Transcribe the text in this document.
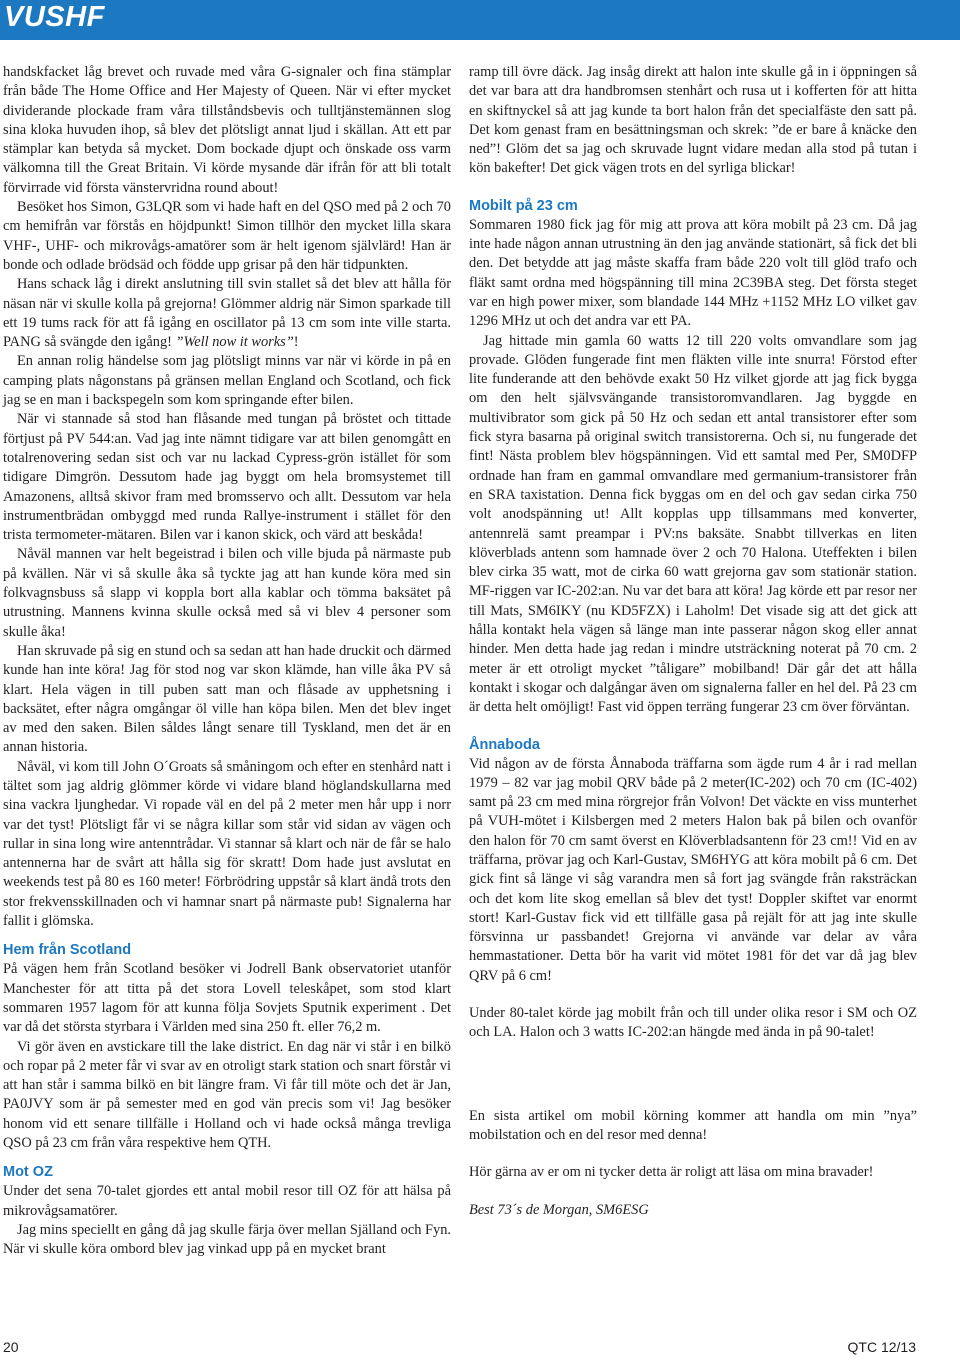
VUSHF

handskfacket låg brevet och ruvade med våra G-signaler och fina stämplar från både The Home Office and Her Majesty of Queen. När vi efter mycket dividerande plockade fram våra tillståndsbevis och tulltjänstemännen slog sina kloka huvuden ihop, så blev det plötsligt annat ljud i skällan. Att ett par stämplar kan betyda så mycket. Dom bockade djupt och önskade oss varm välkomna till the Great Britain. Vi körde mysande där ifrån för att bli totalt förvirrade vid första vänstervridna round about!

Besöket hos Simon, G3LQR som vi hade haft en del QSO med på 2 och 70 cm hemifrån var förstås en höjdpunkt! Simon tillhör den mycket lilla skara VHF-, UHF- och mikrovågs-amatörer som är helt igenom självlärd! Han är bonde och odlade brödsäd och födde upp grisar på den här tidpunkten.

Hans schack låg i direkt anslutning till svin stallet så det blev att hålla för näsan när vi skulle kolla på grejorna! Glömmer aldrig när Simon sparkade till ett 19 tums rack för att få igång en oscillator på 13 cm som inte ville starta. PANG så svängde den igång! ”Well now it works”!

En annan rolig händelse som jag plötsligt minns var när vi körde in på en camping plats någonstans på gränsen mellan England och Scotland, och fick jag se en man i backspegeln som kom springande efter bilen.

När vi stannade så stod han flåsande med tungan på bröstet och tittade förtjust på PV 544:an. Vad jag inte nämnt tidigare var att bilen genomgått en totalrenovering sedan sist och var nu lackad Cypress-grön istället för som tidigare Dimgrön. Dessutom hade jag byggt om hela bromsystemet till Amazonens, alltså skivor fram med bromsservo och allt. Dessutom var hela instrumentbrädan ombyggd med runda Rallye-instrument i stället för den trista termometer-mätaren. Bilen var i kanon skick, och värd att beskåda!

Nåväl mannen var helt begeistrad i bilen och ville bjuda på närmaste pub på kvällen. När vi så skulle åka så tyckte jag att han kunde köra med sin folkvagnsbuss så slapp vi koppla bort alla kablar och tömma baksätet på utrustning. Mannens kvinna skulle också med så vi blev 4 personer som skulle åka!

Han skruvade på sig en stund och sa sedan att han hade druckit och därmed kunde han inte köra! Jag för stod nog var skon klämde, han ville åka PV så klart. Hela vägen in till puben satt man och flåsade av upphetsning i backsätet, efter några omgångar öl ville han köpa bilen. Men det blev inget av med den saken. Bilen såldes långt senare till Tyskland, men det är en annan historia.

Nåväl, vi kom till John O´Groats så småningom och efter en stenhård natt i tältet som jag aldrig glömmer körde vi vidare bland höglandskullarna med sina vackra ljunghedar. Vi ropade väl en del på 2 meter men hår upp i norr var det tyst! Plötsligt får vi se några killar som står vid sidan av vägen och rullar in sina long wire antenntrådar. Vi stannar så klart och när de får se halo antennerna har de svårt att hålla sig för skratt! Dom hade just avslutat en weekends test på 80 es 160 meter! Förbrödring uppstår så klart ändå trots den stor frekvensskillnaden och vi hamnar snart på närmaste pub! Signalerna har fallit i glömska.

Hem från Scotland

På vägen hem från Scotland besöker vi Jodrell Bank observatoriet utanför Manchester för att titta på det stora Lovell teleskåpet, som stod klart sommaren 1957 lagom för att kunna följa Sovjets Sputnik experiment . Det var då det största styrbara i Världen med sina 250 ft. eller 76,2 m.

Vi gör även en avstickare till the lake district. En dag när vi står i en bilkö och ropar på 2 meter får vi svar av en otroligt stark station och snart förstår vi att han står i samma bilkö en bit längre fram. Vi får till möte och det är Jan, PA0JVY som är på semester med en god vän precis som vi! Jag besöker honom vid ett senare tillfälle i Holland och vi hade också många trevliga QSO på 23 cm från våra respektive hem QTH.

Mot OZ

Under det sena 70-talet gjordes ett antal mobil resor till OZ för att hälsa på mikrovågsamatörer.

Jag mins speciellt en gång då jag skulle färja över mellan Själland och Fyn. När vi skulle köra ombord blev jag vinkad upp på en mycket brant

ramp till övre däck. Jag insåg direkt att halon inte skulle gå in i öppningen så det var bara att dra handbromsen stenhårt och rusa ut i kofferten för att hitta en skiftnyckel så att jag kunde ta bort halon från det specialfäste den satt på. Det kom genast fram en besättningsman och skrek: ”de er bare å knäcke den ned”! Glöm det sa jag och skruvade lugnt vidare medan alla stod på tutan i kön bakefter! Det gick vägen trots en del syrliga blickar!

Mobilt på 23 cm

Sommaren 1980 fick jag för mig att prova att köra mobilt på 23 cm. Då jag inte hade någon annan utrustning än den jag använde stationärt, så fick det bli den. Det betydde att jag måste skaffa fram både 220 volt till glöd trafo och fläkt samt ordna med högspänning till mina 2C39BA steg. Det första steget var en high power mixer, som blandade 144 MHz +1152 MHz LO vilket gav 1296 MHz ut och det andra var ett PA.

Jag hittade min gamla 60 watts 12 till 220 volts omvandlare som jag provade. Glöden fungerade fint men fläkten ville inte snurra! Förstod efter lite funderande att den behövde exakt 50 Hz vilket gjorde att jag fick bygga om den helt självsvängande transistoromvandlaren. Jag byggde en multivibrator som gick på 50 Hz och sedan ett antal transistorer efter som fick styra basarna på original switch transistorerna. Och si, nu fungerade det fint! Nästa problem blev högspänningen. Vid ett samtal med Per, SM0DFP ordnade han fram en gammal omvandlare med germanium-transistorer från en SRA taxistation. Denna fick byggas om en del och gav sedan cirka 750 volt anodspänning ut! Allt kopplas upp tillsammans med konverter, antennrelä samt preampar i PV:ns baksäte. Snabbt tillverkas en liten klöverblads antenn som hamnade över 2 och 70 Halona. Uteffekten i bilen blev cirka 35 watt, mot de cirka 60 watt grejorna gav som stationär station. MF-riggen var IC-202:an. Nu var det bara att köra! Jag körde ett par resor ner till Mats, SM6IKY (nu KD5FZX) i Laholm! Det visade sig att det gick att hålla kontakt hela vägen så länge man inte passerar någon skog eller annat hinder. Men detta hade jag redan i mindre utsträckning noterat på 70 cm. 2 meter är ett otroligt mycket ”tåligare” mobilband! Där går det att hålla kontakt i skogar och dalgångar även om signalerna faller en hel del. På 23 cm är detta helt omöjligt! Fast vid öppen terräng fungerar 23 cm över förväntan.

Ånnaboda

Vid någon av de första Ånnaboda träffarna som ägde rum 4 år i rad mellan 1979 – 82 var jag mobil QRV både på 2 meter(IC-202) och 70 cm (IC-402) samt på 23 cm med mina rörgrejor från Volvon! Det väckte en viss munterhet på VUH-mötet i Kilsbergen med 2 meters Halon bak på bilen och ovanför den halon för 70 cm samt överst en Klöverbladsantenn för 23 cm!! Vid en av träffarna, prövar jag och Karl-Gustav, SM6HYG att köra mobilt på 6 cm. Det gick fint så länge vi såg varandra men så fort jag svängde från raksträckan och det kom lite skog emellan så blev det tyst! Doppler skiftet var enormt stort! Karl-Gustav fick vid ett tillfälle gasa på rejält för att jag inte skulle försvinna ur passbandet! Grejorna vi använde var delar av våra hemmastationer. Detta bör ha varit vid mötet 1981 för det var då jag blev QRV på 6 cm!

Under 80-talet körde jag mobilt från och till under olika resor i SM och OZ och LA. Halon och 3 watts IC-202:an hängde med ända in på 90-talet!

En sista artikel om mobil körning kommer att handla om min ”nya” mobilstation och en del resor med denna!

Hör gärna av er om ni tycker detta är roligt att läsa om mina bravader!

Best 73´s de Morgan, SM6ESG

20	QTC 12/13
